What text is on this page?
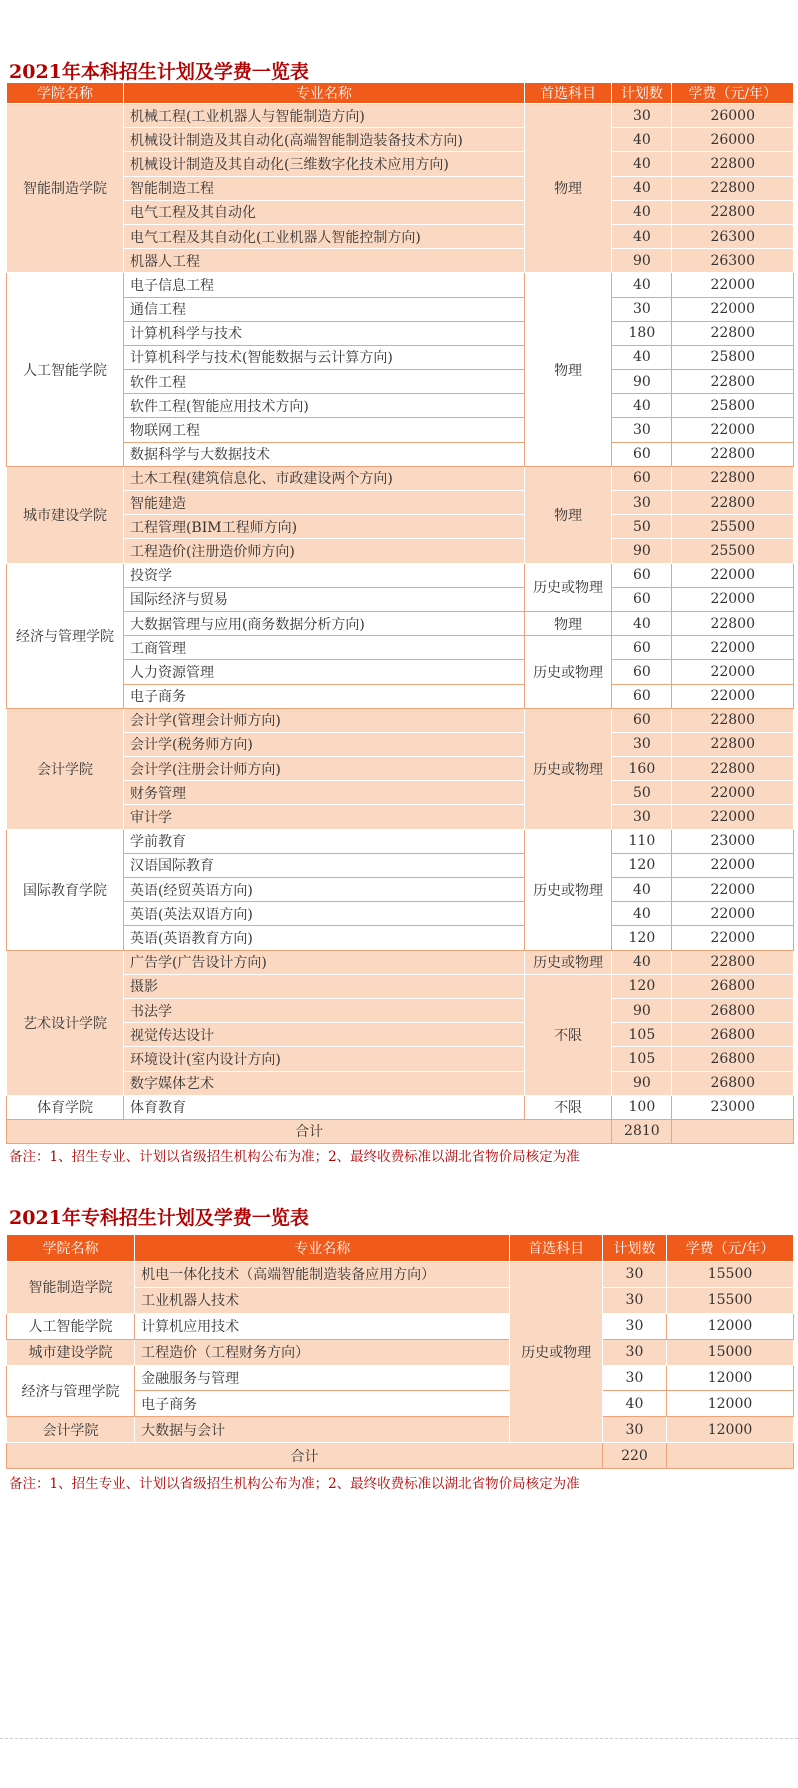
2021年本科招生计划及学费一览表
学院名称	专业名称	首选科目	计划数	学费（元/年）
智能制造学院	机械工程(工业机器人与智能制造方向)	物理	30	26000
	机械设计制造及其自动化(高端智能制造装备技术方向)		40	26000
	机械设计制造及其自动化(三维数字化技术应用方向)		40	22800
	智能制造工程		40	22800
	电气工程及其自动化		40	22800
	电气工程及其自动化(工业机器人智能控制方向)		40	26300
	机器人工程		90	26300
人工智能学院	电子信息工程	物理	40	22000
	通信工程		30	22000
	计算机科学与技术		180	22800
	计算机科学与技术(智能数据与云计算方向)		40	25800
	软件工程		90	22800
	软件工程(智能应用技术方向)		40	25800
	物联网工程		30	22000
	数据科学与大数据技术		60	22800
城市建设学院	土木工程(建筑信息化、市政建设两个方向)	物理	60	22800
	智能建造		30	22800
	工程管理(BIM工程师方向)		50	25500
	工程造价(注册造价师方向)		90	25500
经济与管理学院	投资学	历史或物理	60	22000
	国际经济与贸易		60	22000
	大数据管理与应用(商务数据分析方向)	物理	40	22800
	工商管理	历史或物理	60	22000
	人力资源管理		60	22000
	电子商务		60	22000
会计学院	会计学(管理会计师方向)	历史或物理	60	22800
	会计学(税务师方向)		30	22800
	会计学(注册会计师方向)		160	22800
	财务管理		50	22000
	审计学		30	22000
国际教育学院	学前教育	历史或物理	110	23000
	汉语国际教育		120	22000
	英语(经贸英语方向)		40	22000
	英语(英法双语方向)		40	22000
	英语(英语教育方向)		120	22000
艺术设计学院	广告学(广告设计方向)	历史或物理	40	22800
	摄影	不限	120	26800
	书法学		90	26800
	视觉传达设计		105	26800
	环境设计(室内设计方向)		105	26800
	数字媒体艺术		90	26800
体育学院	体育教育	不限	100	23000
合计			2810	

备注：1、招生专业、计划以省级招生机构公布为准；2、最终收费标准以湖北省物价局核定为准

2021年专科招生计划及学费一览表
学院名称	专业名称	首选科目	计划数	学费（元/年）
智能制造学院	机电一体化技术（高端智能制造装备应用方向）	历史或物理	30	15500
	工业机器人技术		30	15500
人工智能学院	计算机应用技术		30	12000
城市建设学院	工程造价（工程财务方向）		30	15000
经济与管理学院	金融服务与管理		30	12000
	电子商务		40	12000
会计学院	大数据与会计		30	12000
合计			220	

备注：1、招生专业、计划以省级招生机构公布为准；2、最终收费标准以湖北省物价局核定为准
